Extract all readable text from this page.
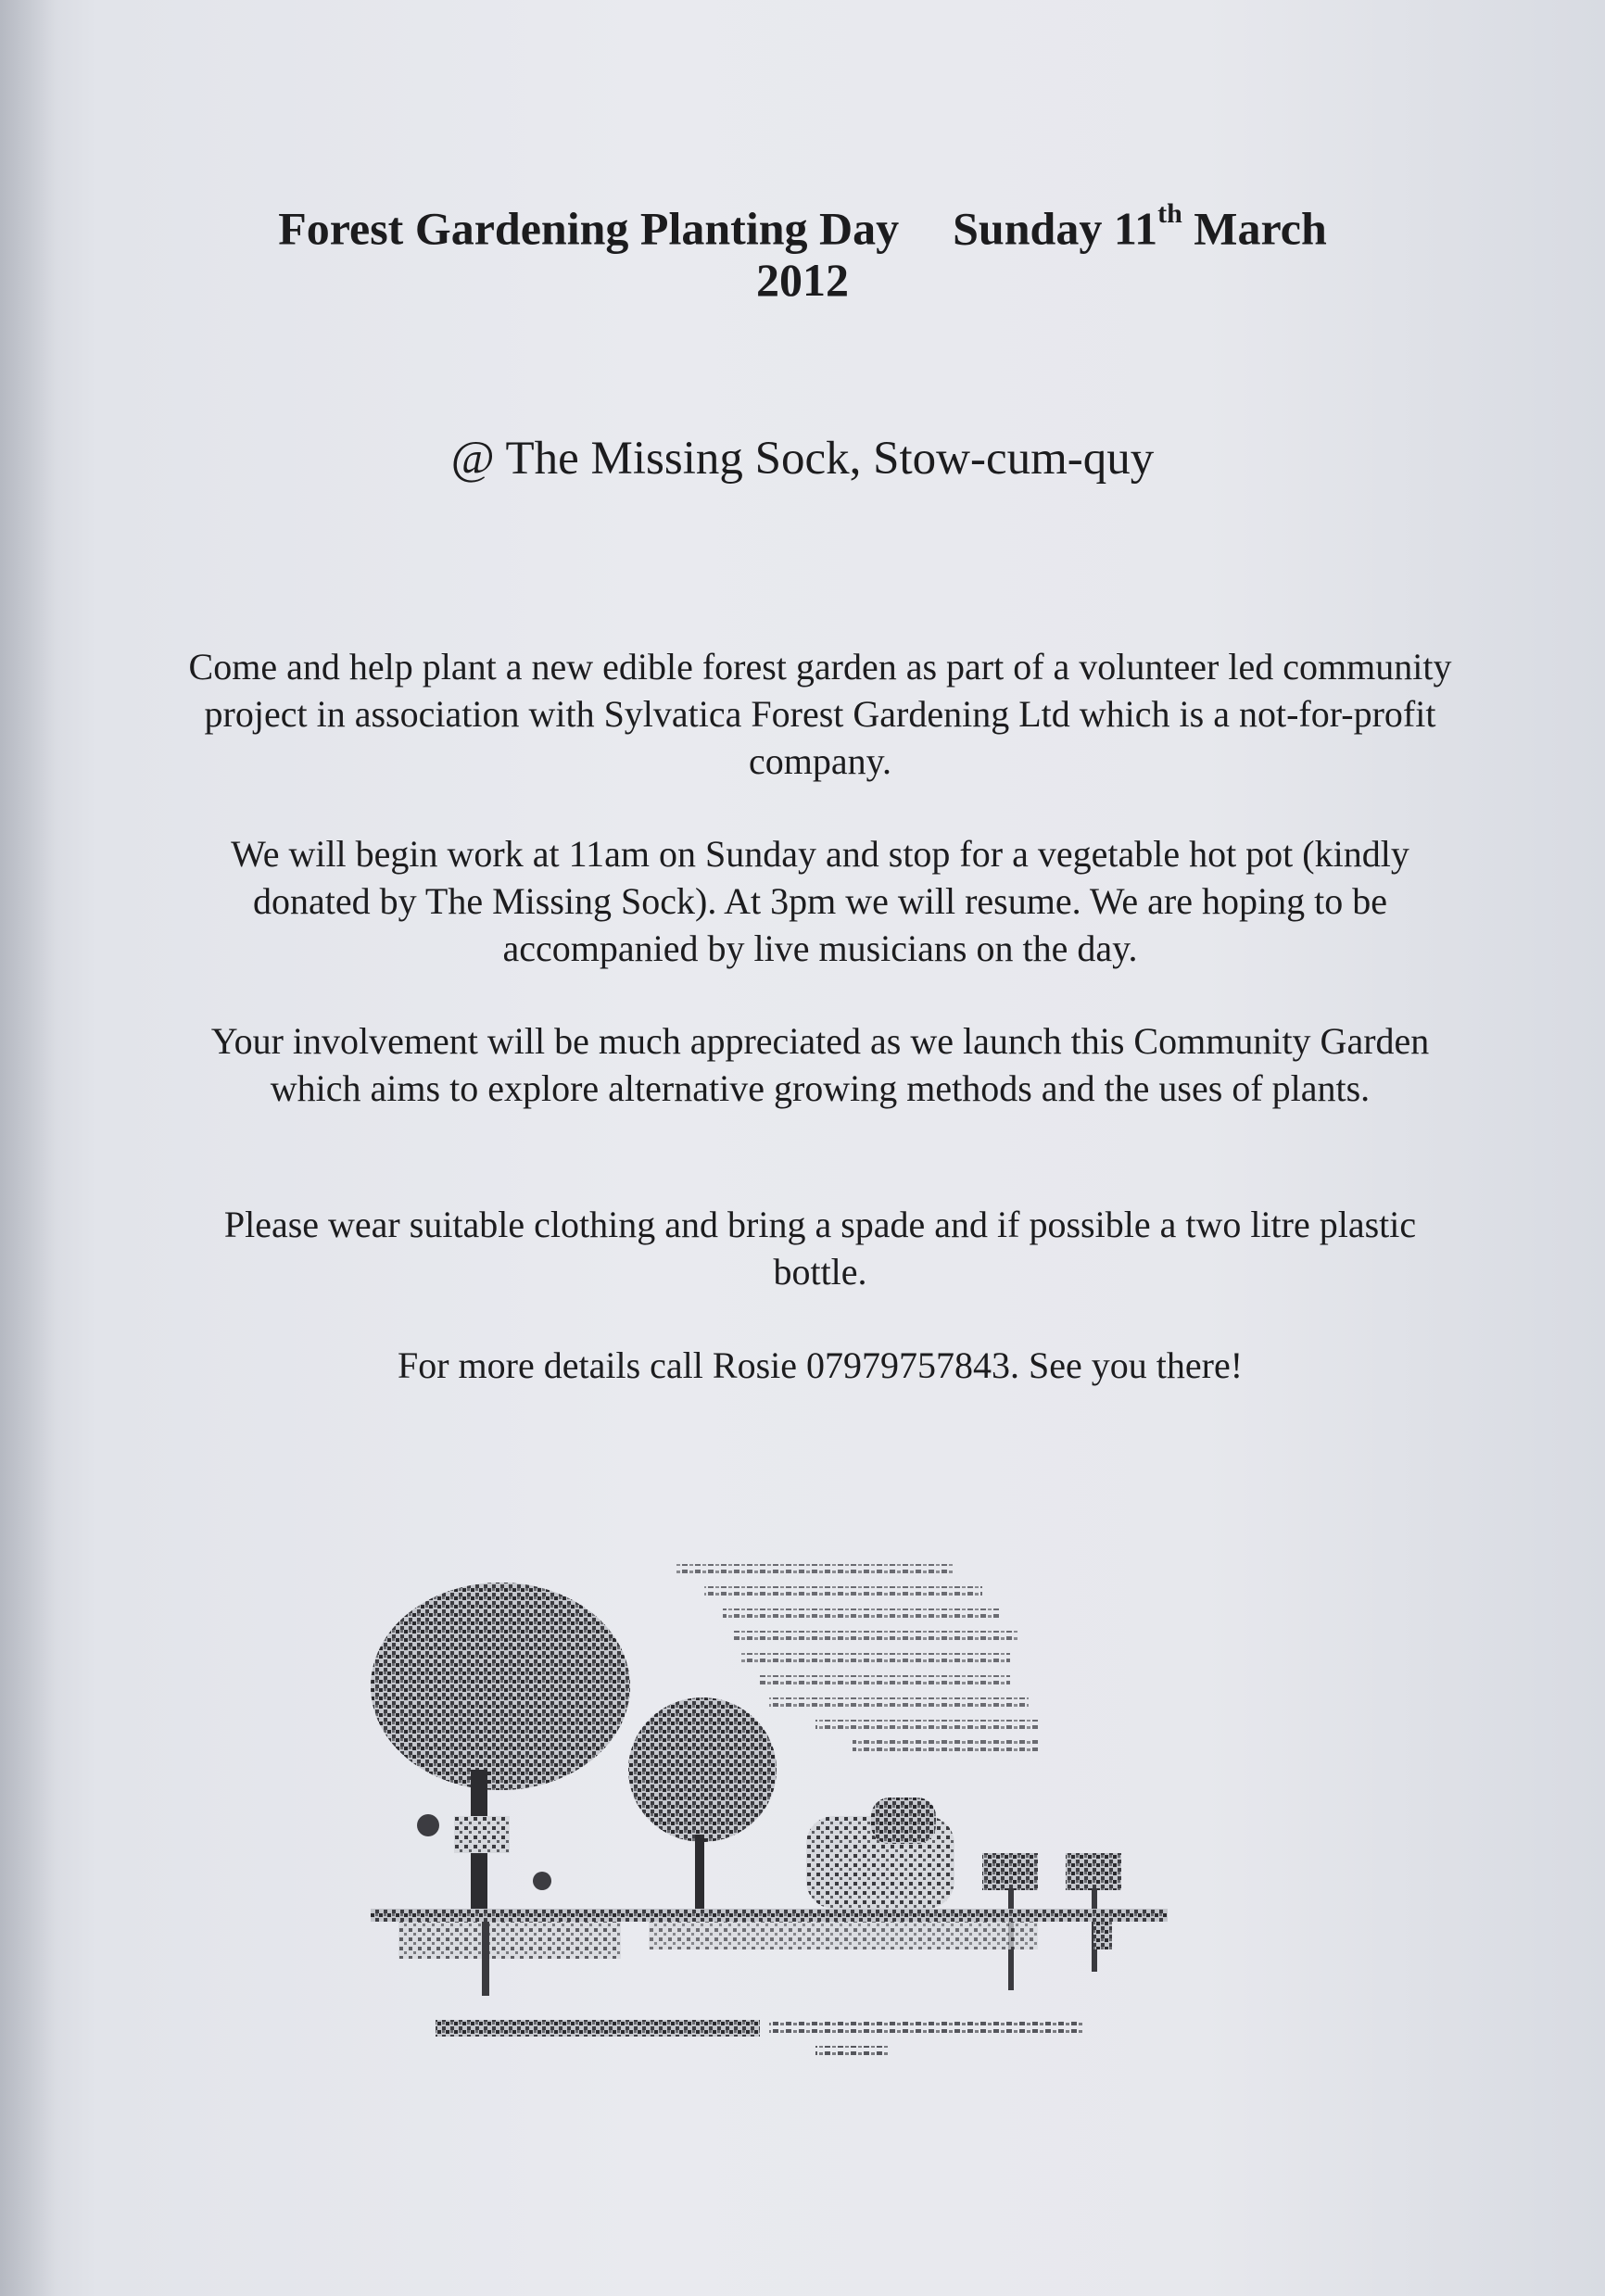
Forest Gardening Planting Day Sunday 11th March
2012
@ The Missing Sock, Stow-cum-quy
Come and help plant a new edible forest garden as part of a volunteer led community project in association with Sylvatica Forest Gardening Ltd which is a not-for-profit company.
We will begin work at 11am on Sunday and stop for a vegetable hot pot (kindly donated by The Missing Sock). At 3pm we will resume. We are hoping to be accompanied by live musicians on the day.
Your involvement will be much appreciated as we launch this Community Garden which aims to explore alternative growing methods and the uses of plants.
Please wear suitable clothing and bring a spade and if possible a two litre plastic bottle.
For more details call Rosie 07979757843. See you there!
